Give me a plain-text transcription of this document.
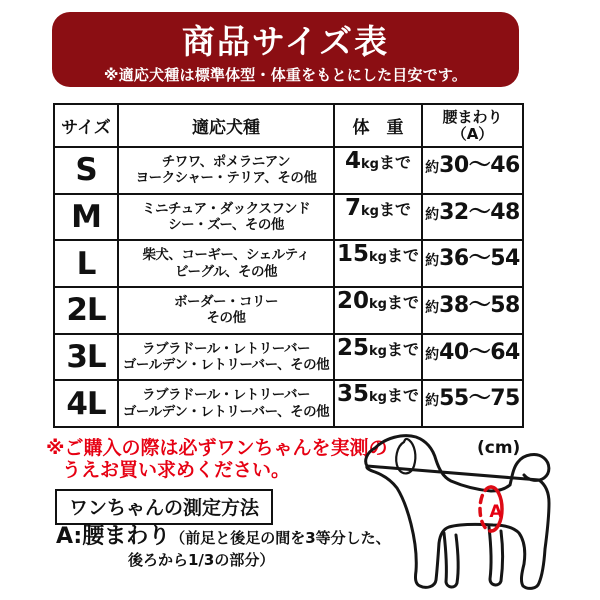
商品サイズ表
※適応犬種は標準体型・体重をもとにした目安です。
サイズ	適応犬種	体　重
腰まわり
（A）
S	チワワ、ポメラニアン
ヨークシャー・テリア、その他
4 kg まで 約 30～46
M	ミニチュア・ダックスフンド
シー・ズー、その他
7 kg まで 約 32～48
L	柴犬、コーギー、シェルティ
ビーグル、その他
15 kg まで 約 36～54
2L	ボーダー・コリー
その他
20 kg まで 約 38～58
3L	ラブラドール・レトリーバー
ゴールデン・レトリーバー、その他
25 kg まで 約 40～64
4L	ラブラドール・レトリーバー
ゴールデン・レトリーバー、その他
35 kg まで 約 55～75
※ご購入の際は必ずワンちゃんを実測の
うえお買い求めください。
(cm)
A
ワンちゃんの測定方法
A:腰まわり（前足と後足の間を3等分した、
後ろから1/3の部分）
